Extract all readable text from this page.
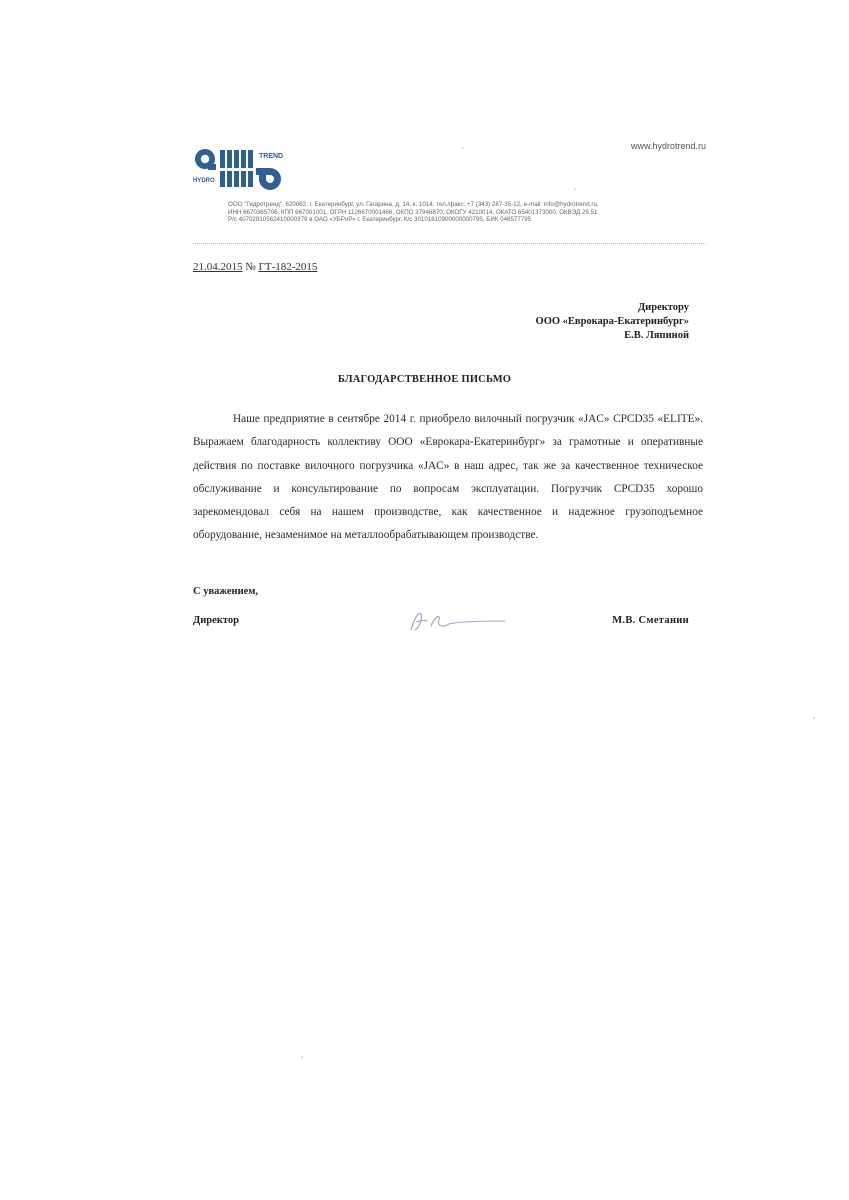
TREND
HYDRO
www.hydrotrend.ru
ООО "Гидротренд", 620062, г. Екатеринбург, ул. Гагарина, д. 14, к. 1014, тел./факс: +7 (343) 287-35-12, e-mail: info@hydrotrend.ru,
ИНН 6670365706, КПП 667001001, ОГРН 1126670001466, ОКПО 37946870, ОКОГУ 4210014, ОКАТО 65401373000, ОКВЭД 29.51
Р/с 40702810562410000379 в ОАО «УБРиР» г. Екатеринбург, К/с 30101810900000000795, БИК 046577795
21.04.2015 № ГТ-182-2015
Директору
ООО «Еврокара-Екатеринбург»
Е.В. Ляпиной
БЛАГОДАРСТВЕННОЕ ПИСЬМО

Наше предприятие в сентябре 2014 г. приобрело вилочный погрузчик «JAC» CPCD35 «ELITE». Выражаем благодарность коллективу ООО «Еврокара-Екатеринбург» за грамотные и оперативные действия по поставке вилочного погрузчика «JAC» в наш адрес, так же за качественное техническое обслуживание и консультирование по вопросам эксплуатации. Погрузчик CPCD35 хорошо зарекомендовал себя на нашем производстве, как качественное и надежное грузоподъемное оборудование, незаменимое на металлообрабатывающем производстве.

С уважением,
Директор	М.В. Сметанин
